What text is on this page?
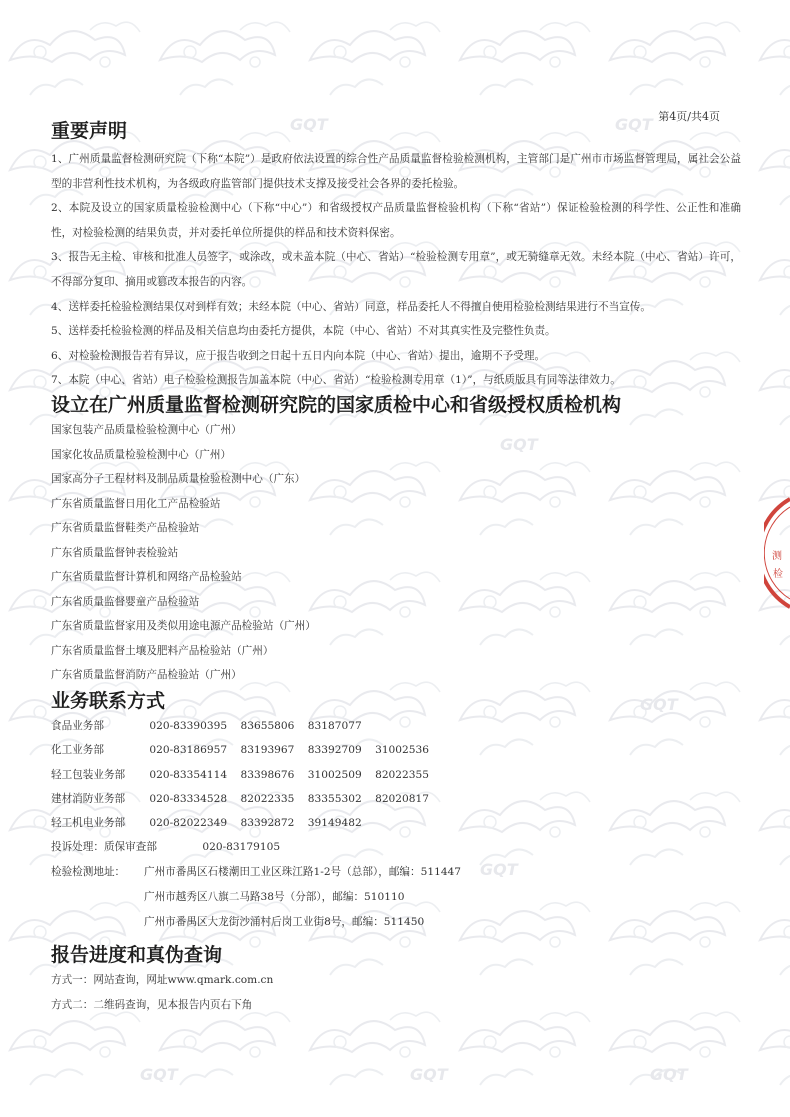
GQT	GQT
GQT
GQT
GQT
GQT
GQT	GQT
测
检
第4页/共4页
重要声明

1、广州质量监督检测研究院（下称“本院”）是政府依法设置的综合性产品质量监督检验检测机构，主管部门是广州市市场监督管理局，属社会公益型的非营利性技术机构，为各级政府监管部门提供技术支撑及接受社会各界的委托检验。

2、本院及设立的国家质量检验检测中心（下称“中心”）和省级授权产品质量监督检验机构（下称“省站”）保证检验检测的科学性、公正性和准确性，对检验检测的结果负责，并对委托单位所提供的样品和技术资料保密。

3、报告无主检、审核和批准人员签字，或涂改，或未盖本院（中心、省站）“检验检测专用章”，或无骑缝章无效。未经本院（中心、省站）许可，不得部分复印、摘用或篡改本报告的内容。

4、送样委托检验检测结果仅对到样有效；未经本院（中心、省站）同意，样品委托人不得擅自使用检验检测结果进行不当宣传。

5、送样委托检验检测的样品及相关信息均由委托方提供，本院（中心、省站）不对其真实性及完整性负责。

6、对检验检测报告若有异议，应于报告收到之日起十五日内向本院（中心、省站）提出，逾期不予受理。

7、本院（中心、省站）电子检验检测报告加盖本院（中心、省站）“检验检测专用章（1）”，与纸质版具有同等法律效力。

设立在广州质量监督检测研究院的国家质检中心和省级授权质检机构
国家包装产品质量检验检测中心（广州）
国家化妆品质量检验检测中心（广州）
国家高分子工程材料及制品质量检验检测中心（广东）
广东省质量监督日用化工产品检验站
广东省质量监督鞋类产品检验站
广东省质量监督钟表检验站
广东省质量监督计算机和网络产品检验站
广东省质量监督婴童产品检验站
广东省质量监督家用及类似用途电源产品检验站（广州）
广东省质量监督土壤及肥料产品检验站（广州）
广东省质量监督消防产品检验站（广州）
业务联系方式
食品业务部	020-83390395 83655806 83187077
化工业务部	020-83186957 83193967 83392709 31002536
轻工包装业务部 020-83354114 83398676 31002509 82022355
建材消防业务部 020-83334528 82022335 83355302 82020817
轻工机电业务部 020-82022349 83392872 39149482
投诉处理：质保审查部	020-83179105
检验检测地址： 广州市番禺区石楼潮田工业区珠江路1-2号（总部），邮编：511447
广州市越秀区八旗二马路38号（分部），邮编：510110
广州市番禺区大龙街沙涌村后岗工业街8号，邮编：511450
报告进度和真伪查询
方式一：网站查询，网址www.qmark.com.cn
方式二：二维码查询，见本报告内页右下角
